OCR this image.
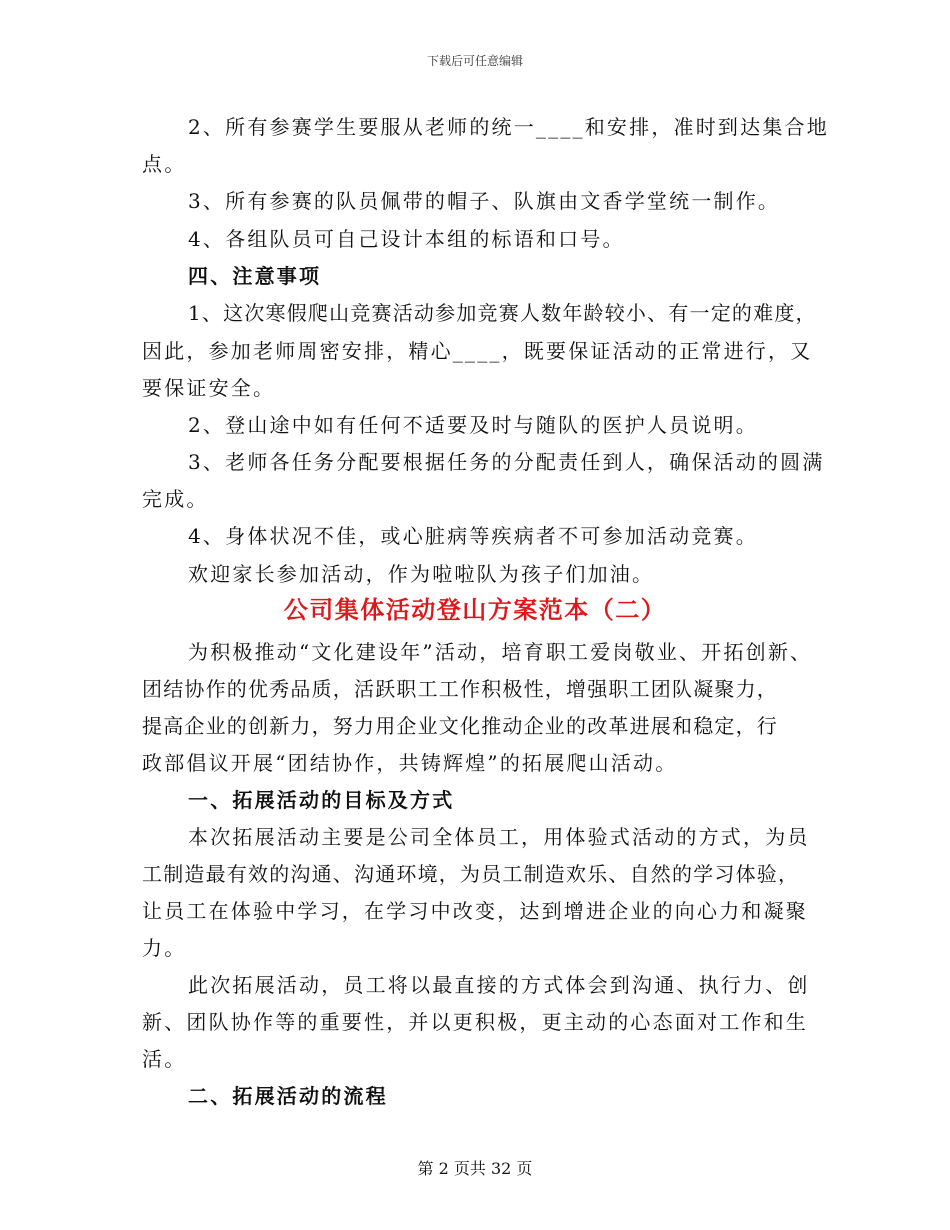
下载后可任意编辑
2、所有参赛学生要服从老师的统一____和安排，准时到达集合地
点。
3、所有参赛的队员佩带的帽子、队旗由文香学堂统一制作。
4、各组队员可自己设计本组的标语和口号。
四、注意事项
1、这次寒假爬山竞赛活动参加竞赛人数年龄较小、有一定的难度，
因此，参加老师周密安排，精心____，既要保证活动的正常进行，又
要保证安全。
2、登山途中如有任何不适要及时与随队的医护人员说明。
3、老师各任务分配要根据任务的分配责任到人，确保活动的圆满
完成。
4、身体状况不佳，或心脏病等疾病者不可参加活动竞赛。
欢迎家长参加活动，作为啦啦队为孩子们加油。
公司集体活动登山方案范本（二）
为积极推动“文化建设年”活动，培育职工爱岗敬业、开拓创新、
团结协作的优秀品质，活跃职工工作积极性，增强职工团队凝聚力，
提高企业的创新力，努力用企业文化推动企业的改革进展和稳定，行
政部倡议开展“团结协作，共铸辉煌”的拓展爬山活动。
一、拓展活动的目标及方式
本次拓展活动主要是公司全体员工，用体验式活动的方式，为员
工制造最有效的沟通、沟通环境，为员工制造欢乐、自然的学习体验，
让员工在体验中学习，在学习中改变，达到增进企业的向心力和凝聚
力。
此次拓展活动，员工将以最直接的方式体会到沟通、执行力、创
新、团队协作等的重要性，并以更积极，更主动的心态面对工作和生
活。
二、拓展活动的流程
第 2 页共 32 页
